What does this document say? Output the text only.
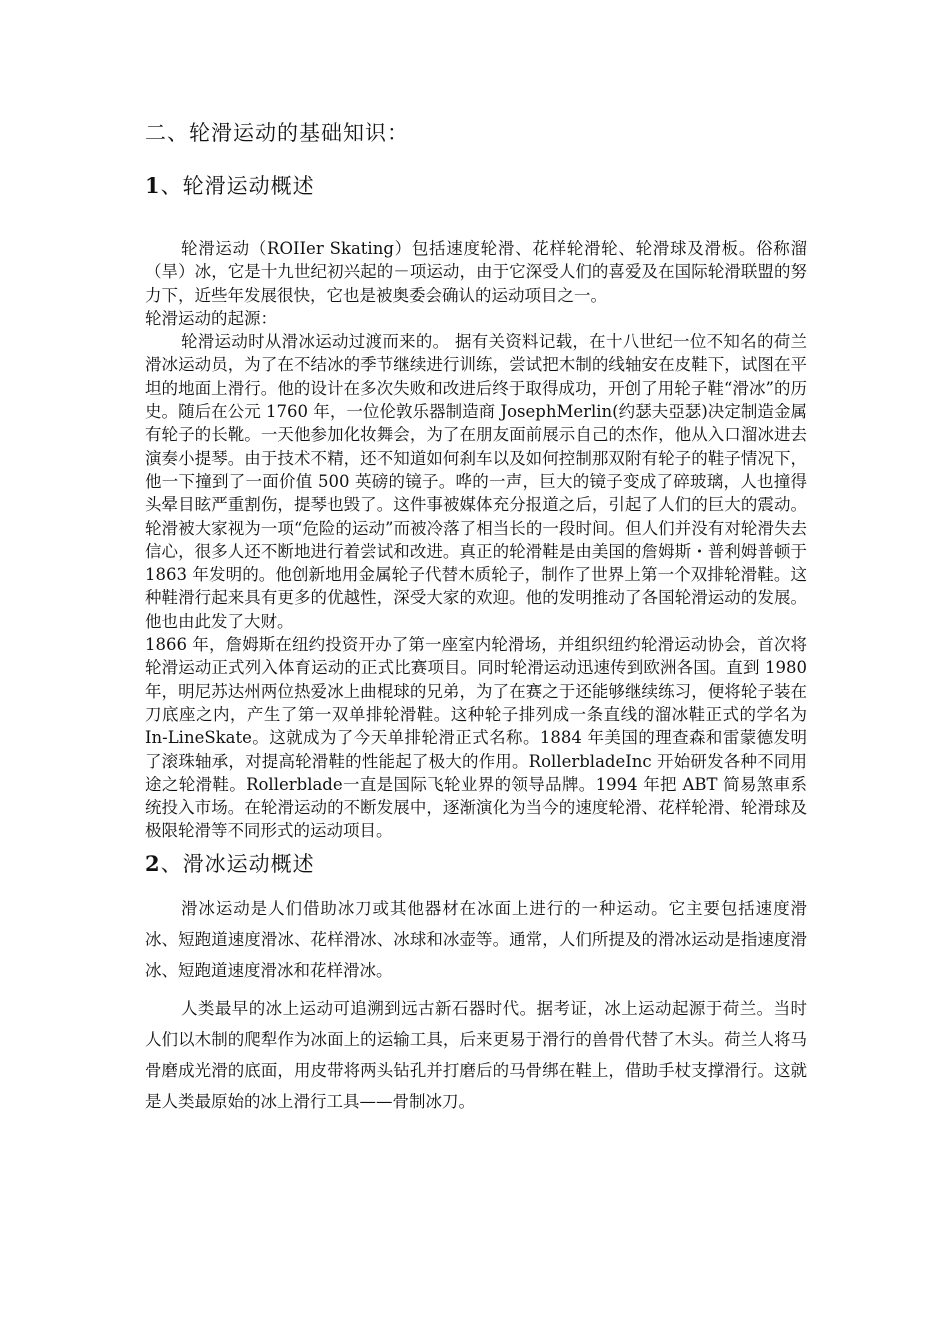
二、轮滑运动的基础知识：
1、轮滑运动概述

轮滑运动（ROIIer Skating）包括速度轮滑、花样轮滑轮、轮滑球及滑板。俗称溜（旱）冰，它是十九世纪初兴起的－项运动，由于它深受人们的喜爱及在国际轮滑联盟的努力下，近些年发展很快，它也是被奥委会确认的运动项目之一。

轮滑运动的起源：

轮滑运动时从滑冰运动过渡而来的。 据有关资料记载，在十八世纪一位不知名的荷兰滑冰运动员，为了在不结冰的季节继续进行训练，尝试把木制的线轴安在皮鞋下，试图在平坦的地面上滑行。他的设计在多次失败和改进后终于取得成功，开创了用轮子鞋“滑冰”的历史。随后在公元 1760 年，一位伦敦乐器制造商 JosephMerlin(约瑟夫亞瑟)决定制造金属有轮子的长靴。一天他参加化妆舞会，为了在朋友面前展示自己的杰作，他从入口溜冰进去演奏小提琴。由于技术不精，还不知道如何刹车以及如何控制那双附有轮子的鞋子情况下，他一下撞到了一面价值 500 英磅的镜子。哗的一声，巨大的镜子变成了碎玻璃，人也撞得头晕目眩严重割伤，提琴也毁了。这件事被媒体充分报道之后，引起了人们的巨大的震动。轮滑被大家视为一项“危险的运动”而被冷落了相当长的一段时间。但人们并没有对轮滑失去信心，很多人还不断地进行着尝试和改进。真正的轮滑鞋是由美国的詹姆斯・普利姆普顿于 1863 年发明的。他创新地用金属轮子代替木质轮子，制作了世界上第一个双排轮滑鞋。这种鞋滑行起来具有更多的优越性，深受大家的欢迎。他的发明推动了各国轮滑运动的发展。他也由此发了大财。

1866 年，詹姆斯在纽约投资开办了第一座室内轮滑场，并组织纽约轮滑运动协会，首次将轮滑运动正式列入体育运动的正式比赛项目。同时轮滑运动迅速传到欧洲各国。直到 1980 年，明尼苏达州两位热爱冰上曲棍球的兄弟，为了在赛之于还能够继续练习，便将轮子装在刀底座之内，产生了第一双单排轮滑鞋。这种轮子排列成一条直线的溜冰鞋正式的学名为 In-LineSkate。这就成为了今天单排轮滑正式名称。1884 年美国的理查森和雷蒙德发明了滚珠轴承，对提高轮滑鞋的性能起了极大的作用。RollerbladeInc 开始研发各种不同用途之轮滑鞋。Rollerblade一直是国际飞轮业界的领导品牌。1994 年把 ABT 简易煞車系统投入市场。在轮滑运动的不断发展中，逐渐演化为当今的速度轮滑、花样轮滑、轮滑球及极限轮滑等不同形式的运动项目。

2、滑冰运动概述

滑冰运动是人们借助冰刀或其他器材在冰面上进行的一种运动。它主要包括速度滑冰、短跑道速度滑冰、花样滑冰、冰球和冰壶等。通常，人们所提及的滑冰运动是指速度滑冰、短跑道速度滑冰和花样滑冰。

人类最早的冰上运动可追溯到远古新石器时代。据考证，冰上运动起源于荷兰。当时人们以木制的爬犁作为冰面上的运输工具，后来更易于滑行的兽骨代替了木头。荷兰人将马骨磨成光滑的底面，用皮带将两头钻孔并打磨后的马骨绑在鞋上，借助手杖支撑滑行。这就是人类最原始的冰上滑行工具——骨制冰刀。
